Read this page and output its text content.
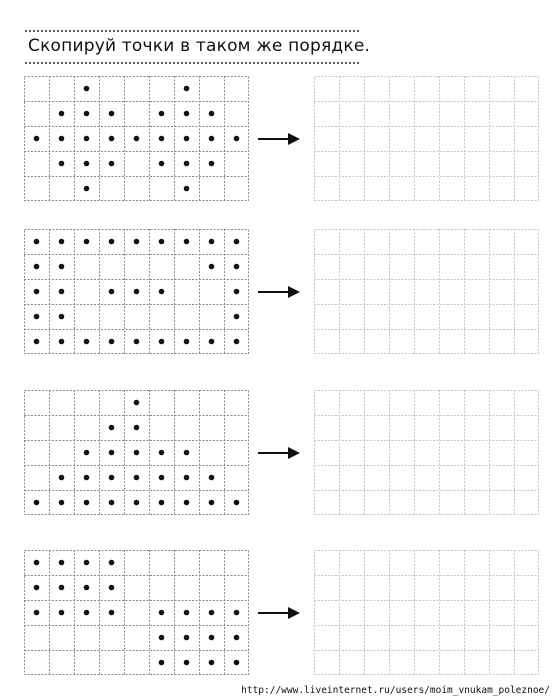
Скопируй точки в таком же порядке.
http://www.liveinternet.ru/users/moim_vnukam_poleznoe/
